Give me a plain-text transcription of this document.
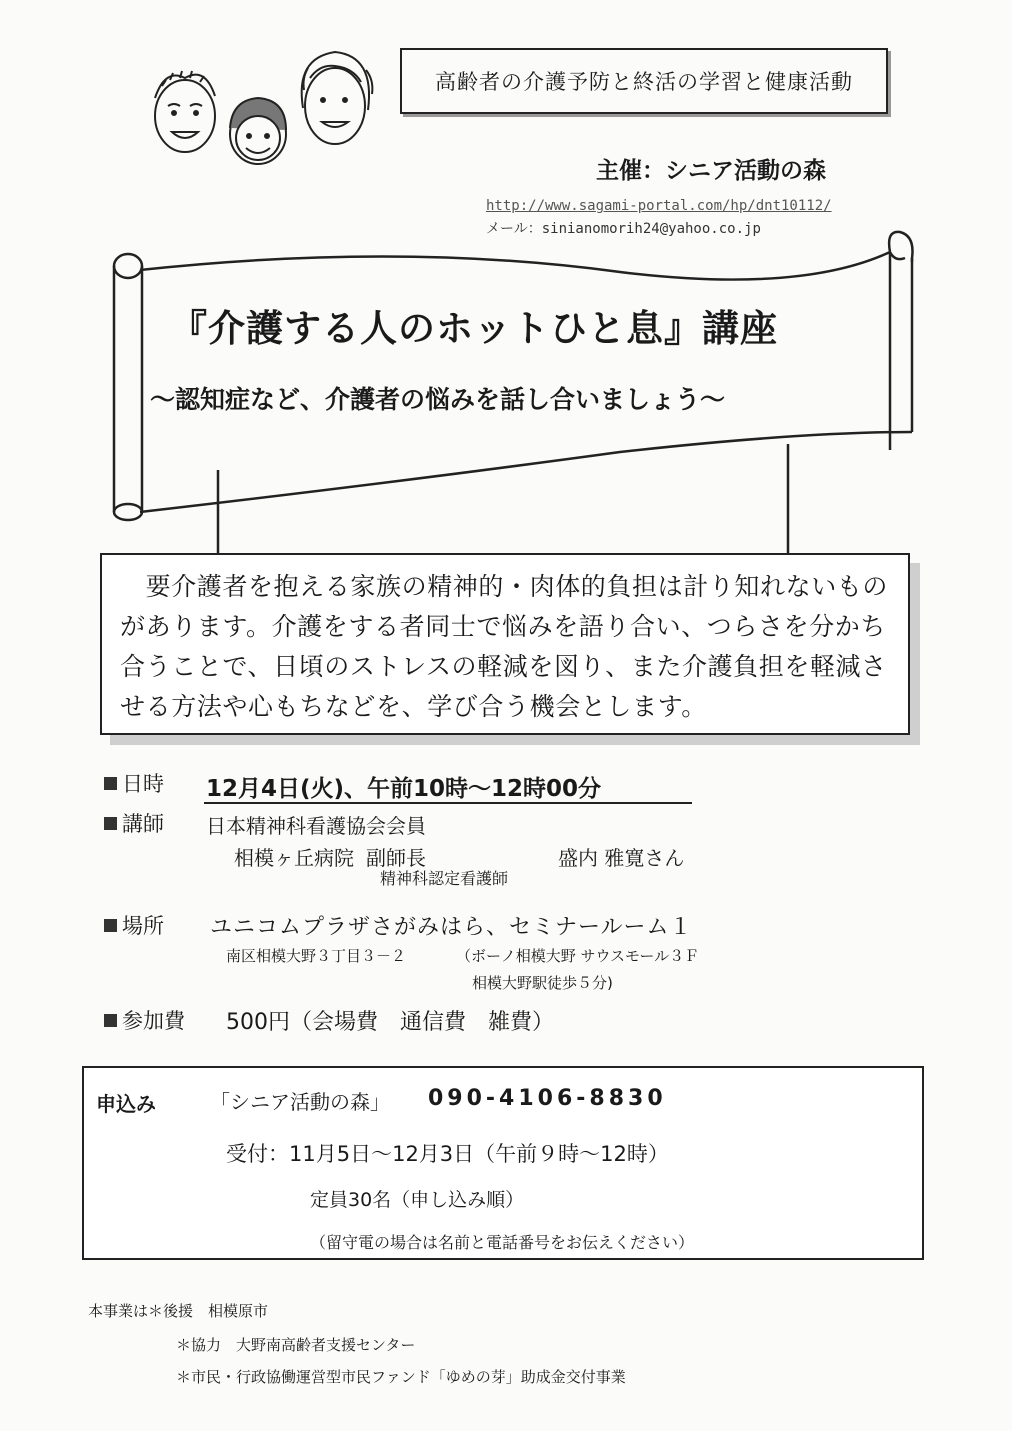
高齢者の介護予防と終活の学習と健康活動
主催：シニア活動の森
http://www.sagami-portal.com/hp/dnt10112/
メール：sinianomorih24@yahoo.co.jp
『介護する人のホットひと息』講座
～認知症など、介護者の悩みを話し合いましょう～
　要介護者を抱える家族の精神的・肉体的負担は計り知れないものがあります。介護をする者同士で悩みを語り合い、つらさを分かち合うことで、日頃のストレスの軽減を図り、また介護負担を軽減させる方法や心もちなどを、学び合う機会とします。
日時 12月4日(火)、午前10時～12時00分
講師 日本精神科看護協会会員
相模ヶ丘病院 副師長	盛内 雅寛さん
精神科認定看護師
場所 ユニコムプラザさがみはら、セミナールーム１
南区相模大野３丁目３－２	（ボーノ相模大野 サウスモール３Ｆ
相模大野駅徒歩５分)
参加費 500円（会場費　通信費　雑費）
申込み	「シニア活動の森」 090-4106-8830
受付：11月5日～12月3日（午前９時～12時）
定員30名（申し込み順）
（留守電の場合は名前と電話番号をお伝えください）
本事業は＊後援　相模原市
＊協力　大野南高齢者支援センター
＊市民・行政協働運営型市民ファンド「ゆめの芽」助成金交付事業
